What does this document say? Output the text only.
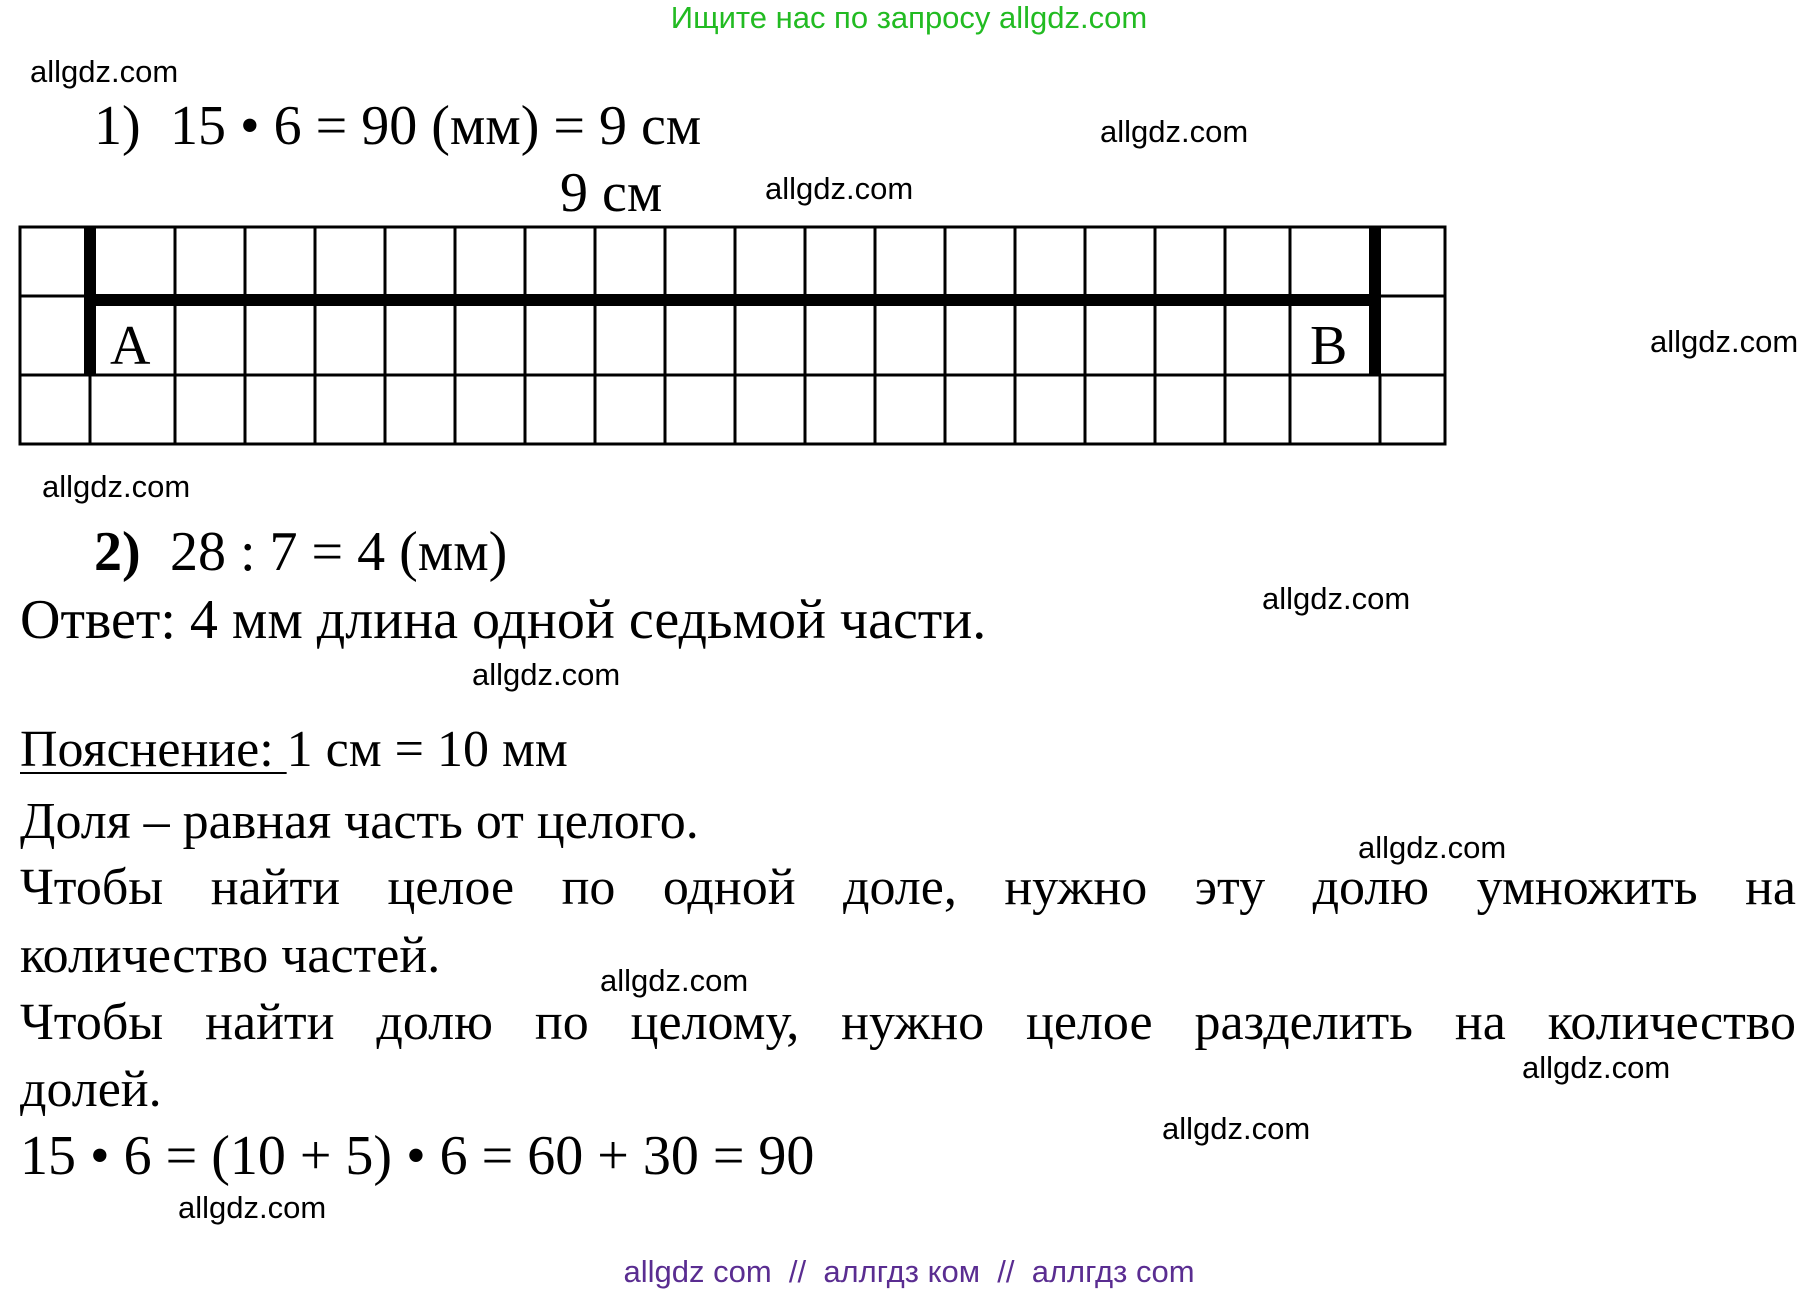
Ищите нас по запросу allgdz.com
allgdz.com
allgdz.com
allgdz.com
allgdz.com
allgdz.com
allgdz.com
allgdz.com
allgdz.com
allgdz.com
allgdz.com
allgdz.com
allgdz.com
1) 15 • 6 = 90 (мм) = 9 см
9 см
А	В
2) 28 : 7 = 4 (мм)
Ответ: 4 мм длина одной седьмой части.
Пояснение: 1 см = 10 мм
Доля – равная часть от целого.
Чтобы найти целое по одной доле, нужно эту долю умножить на
количество частей.
Чтобы найти долю по целому, нужно целое разделить на количество
долей.
15 • 6 = (10 + 5) • 6 = 60 + 30 = 90
allgdz com  //  аллгдз ком  //  аллгдз com
